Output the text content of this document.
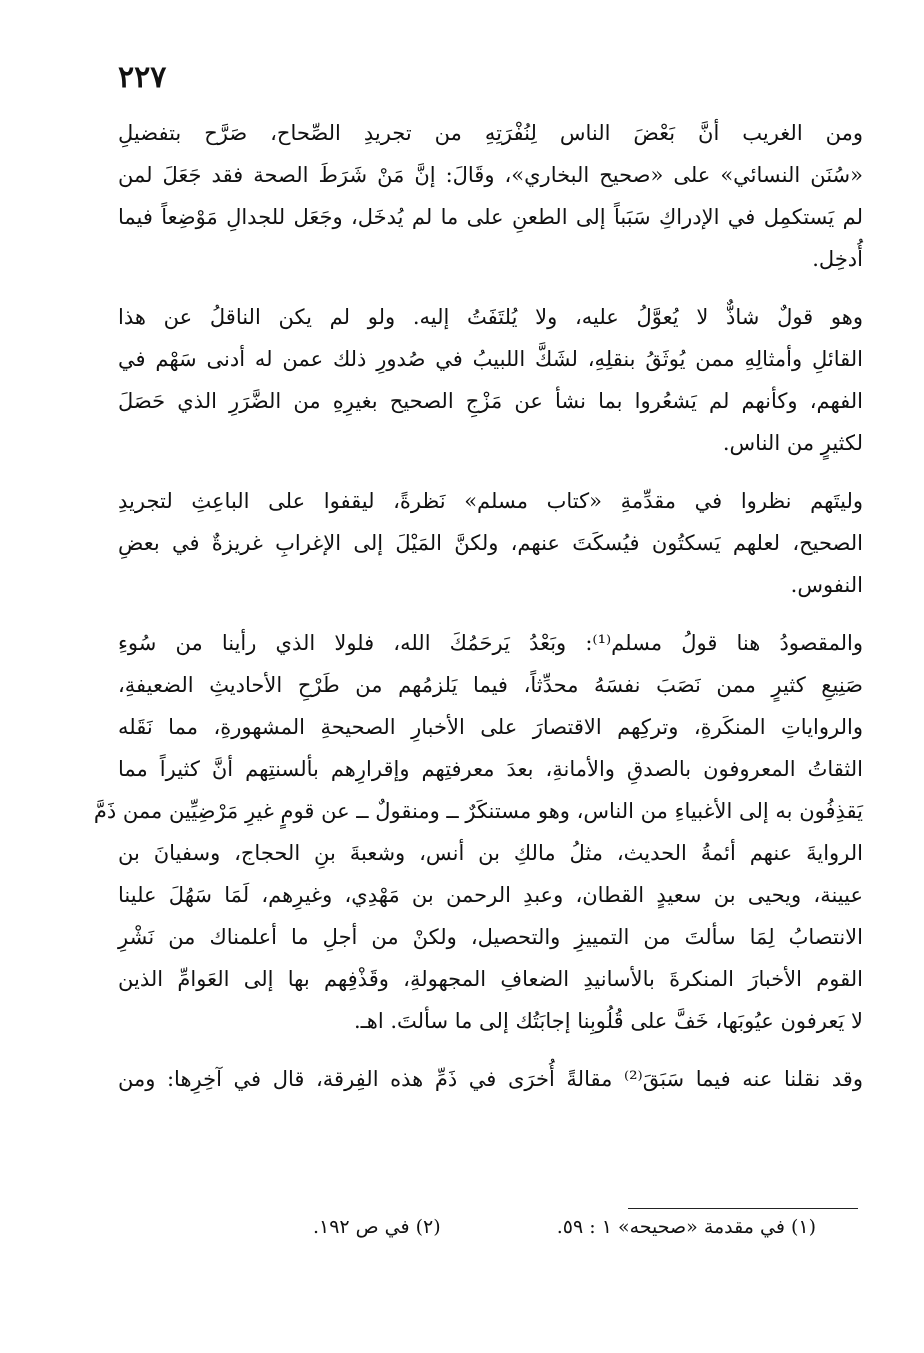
٢٢٧
ومن الغريب أنَّ بَعْضَ الناس لِنُفْرَتِهِ من تجريدِ الصِّحاح، صَرَّح بتفضيلِ
«سُنَن النسائي» على «صحيح البخاري»، وقَالَ: إنَّ مَنْ شَرَطَ الصحة فقد جَعَلَ لمن
لم يَستكمِل في الإدراكِ سَبَباً إلى الطعنِ على ما لم يُدخَل، وجَعَل للجدالِ مَوْضِعاً فيما
أُدخِل.
وهو قولٌ شاذٌّ لا يُعوَّلُ عليه، ولا يُلتَفَتُ إليه. ولو لم يكن الناقلُ عن هذا
القائلِ وأمثالِهِ ممن يُوثَقُ بنقلِهِ، لشَكَّ اللبيبُ في صُدورِ ذلك عمن له أدنى سَهْم في
الفهم، وكأنهم لم يَشعُروا بما نشأ عن مَزْجِ الصحيح بغيرِهِ من الضَّرَرِ الذي حَصَلَ
لكثيرٍ من الناس.
وليتَهم نظروا في مقدِّمةِ «كتاب مسلم» نَظرةً، ليقفوا على الباعِثِ لتجريدِ
الصحيح، لعلهم يَسكتُون فيُسكَتَ عنهم، ولكنَّ المَيْلَ إلى الإغرابِ غريزةٌ في بعضِ
النفوس.
والمقصودُ هنا قولُ مسلم⁽¹⁾: وبَعْدُ يَرحَمُكَ الله، فلولا الذي رأينا من سُوءِ
صَنِيعِ كثيرٍ ممن نَصَبَ نفسَهُ محدِّثاً، فيما يَلزمُهم من طَرْحِ الأحاديثِ الضعيفةِ،
والرواياتِ المنكَرةِ، وتركِهم الاقتصارَ على الأخبارِ الصحيحةِ المشهورةِ، مما نَقَله
الثقاتُ المعروفون بالصدقِ والأمانةِ، بعدَ معرفتِهم وإقرارِهم بألسنتِهم أنَّ كثيراً مما
يَقذِفُون به إلى الأغبياءِ من الناس، وهو مستنكَرٌ ــ ومنقولٌ ــ عن قومٍ غيرِ مَرْضِيِّين ممن ذَمَّ
الروايةَ عنهم أئمةُ الحديث، مثلُ مالكِ بن أنس، وشعبةَ بنِ الحجاج، وسفيانَ بن
عيينة، ويحيى بن سعيدٍ القطان، وعبدِ الرحمن بن مَهْدِي، وغيرِهم، لَمَا سَهُلَ علينا
الانتصابُ لِمَا سألتَ من التمييزِ والتحصيل، ولكنْ من أجلِ ما أعلمناك من نَشْرِ
القوم الأخبارَ المنكرةَ بالأسانيدِ الضعافِ المجهولةِ، وقَذْفِهم بها إلى العَوامِّ الذين
لا يَعرفون عيُوبَها، خَفَّ على قُلُوبِنا إجابَتُك إلى ما سألتَ. اهـ.
وقد نقلنا عنه فيما سَبَقَ⁽²⁾ مقالةً أُخرَى في ذَمِّ هذه الفِرقة، قال في آخِرِها: ومن
(١) في مقدمة «صحيحه» ١ : ٥٩. (٢) في ص ١٩٢.
